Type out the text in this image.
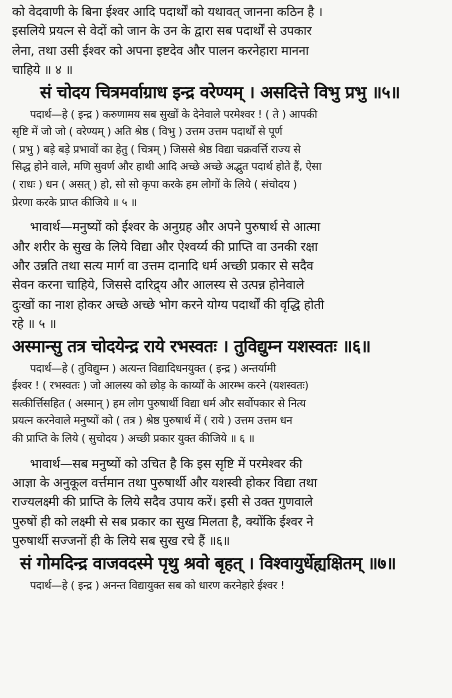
को वेदवाणी के बिना ईश्वर आदि पदार्थों को यथावत् जानना कठिन है ।
इसलिये प्रयत्न से वेदों को जान के उन के द्वारा सब पदार्थों से उपकार
लेना, तथा उसी ईश्वर को अपना इष्टदेव और पालन करनेहारा मानना
चाहिये ॥ ४ ॥
सं चोदय चित्रमर्वाग्राध इन्द्र वरेण्यम् । असदित्ते विभु प्रभु ॥५॥
पदार्थ—हे ( इन्द्र ) करुणामय सब सुखों के देनेवाले परमेश्वर ! ( ते ) आपकी
सृष्टि में जो जो ( वरेण्यम् ) अति श्रेष्ठ ( विभु ) उत्तम उत्तम पदार्थों से पूर्ण
( प्रभु ) बड़े बड़े प्रभावों का हेतु ( चित्रम् ) जिससे श्रेष्ठ विद्या चक्रवर्त्ति राज्य से
सिद्ध होने वाले, मणि सुवर्ण और हाथी आदि अच्छे अच्छे अद्भुत पदार्थ होते हैं, ऐसा
( राधः ) धन ( असत् ) हो, सो सो कृपा करके हम लोगों के लिये ( संचोदय )
प्रेरणा करके प्राप्त कीजिये ॥ ५ ॥
भावार्थ—मनुष्यों को ईश्वर के अनुग्रह और अपने पुरुषार्थ से आत्मा
और शरीर के सुख के लिये विद्या और ऐश्वर्य्य की प्राप्ति वा उनकी रक्षा
और उन्नति तथा सत्य मार्ग वा उत्तम दानादि धर्म अच्छी प्रकार से सदैव
सेवन करना चाहिये, जिससे दारिद्र्य और आलस्य से उत्पन्न होनेवाले
दुःखों का नाश होकर अच्छे अच्छे भोग करने योग्य पदार्थों की वृद्धि होती
रहे ॥ ५ ॥
अस्मान्सु तत्र चोदयेन्द्र राये रभस्वतः । तुविद्युम्न यशस्वतः ॥६॥
पदार्थ—हे ( तुविद्युम्न ) अत्यन्त विद्यादिधनयुक्त ( इन्द्र ) अन्तर्यामी
ईश्वर ! ( रभस्वतः ) जो आलस्य को छोड़ के कार्य्यों के आरम्भ करने (यशस्वतः)
सत्कीर्त्तिसहित ( अस्मान् ) हम लोग पुरुषार्थी विद्या धर्म और सर्वोपकार से नित्य
प्रयत्न करनेवाले मनुष्यों को ( तत्र ) श्रेष्ठ पुरुषार्थ में ( राये ) उत्तम उत्तम धन
की प्राप्ति के लिये ( सुचोदय ) अच्छी प्रकार युक्त कीजिये ॥ ६ ॥
भावार्थ—सब मनुष्यों को उचित है कि इस सृष्टि में परमेश्वर की
आज्ञा के अनुकूल वर्त्तमान तथा पुरुषार्थी और यशस्वी होकर विद्या तथा
राज्यलक्ष्मी की प्राप्ति के लिये सदैव उपाय करें। इसी से उक्त गुणवाले
पुरुषों ही को लक्ष्मी से सब प्रकार का सुख मिलता है, क्योंकि ईश्वर ने
पुरुषार्थी सज्जनों ही के लिये सब सुख रचे हैं ॥६॥
सं गोमदिन्द्र वाजवदस्मे पृथु श्रवो बृहत् । विश्वायुर्धेह्यक्षितम् ॥७॥
पदार्थ—हे ( इन्द्र ) अनन्त विद्यायुक्त सब को धारण करनेहारे ईश्वर !
